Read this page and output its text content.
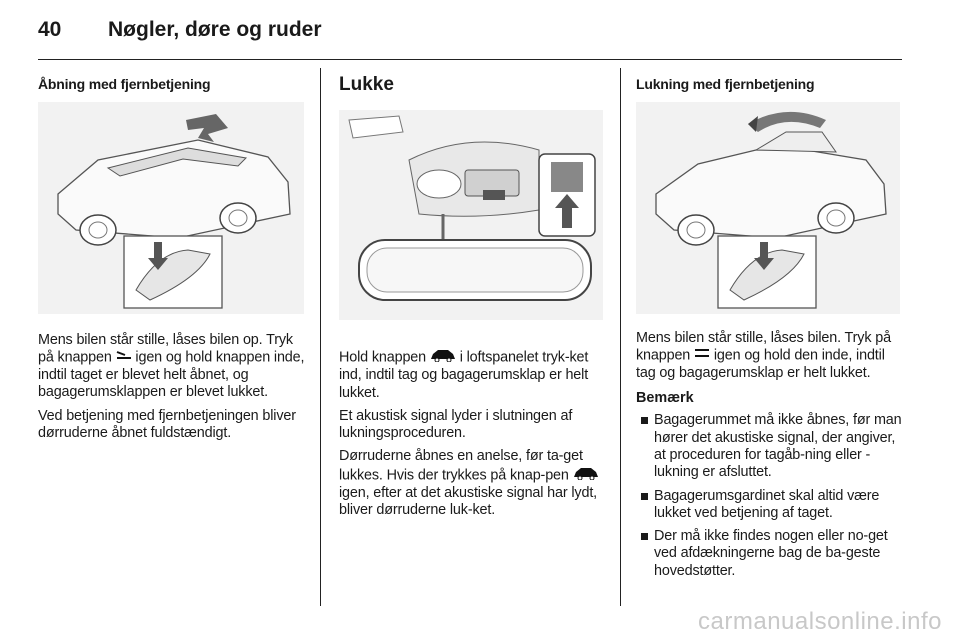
40	Nøgler, døre og ruder
Åbning med fjernbetjening

Mens bilen står stille, låses bilen op. Tryk på knappen  igen og hold knappen inde, indtil taget er blevet helt åbnet, og bagagerumsklappen er blevet lukket.

Ved betjening med fjernbetjeningen bliver dørruderne åbnet fuldstændigt.

Lukke

Hold knappen  i loftspanelet tryk-ket ind, indtil tag og bagagerumsklap er helt lukket.

Et akustisk signal lyder i slutningen af lukningsproceduren.

Dørruderne åbnes en anelse, før ta-get lukkes. Hvis der trykkes på knap-pen  igen, efter at det akustiske signal har lydt, bliver dørruderne luk-ket.

Lukning med fjernbetjening

Mens bilen står stille, låses bilen. Tryk på knappen  igen og hold den inde, indtil tag og bagagerumsklap er helt lukket.

Bemærk
Bagagerummet må ikke åbnes, før man hører det akustiske signal, der angiver, at proceduren for tagåb-ning eller -lukning er afsluttet.
Bagagerumsgardinet skal altid være lukket ved betjening af taget.
Der må ikke findes nogen eller no-get ved afdækningerne bag de ba-geste hovedstøtter.
carmanualsonline.info
